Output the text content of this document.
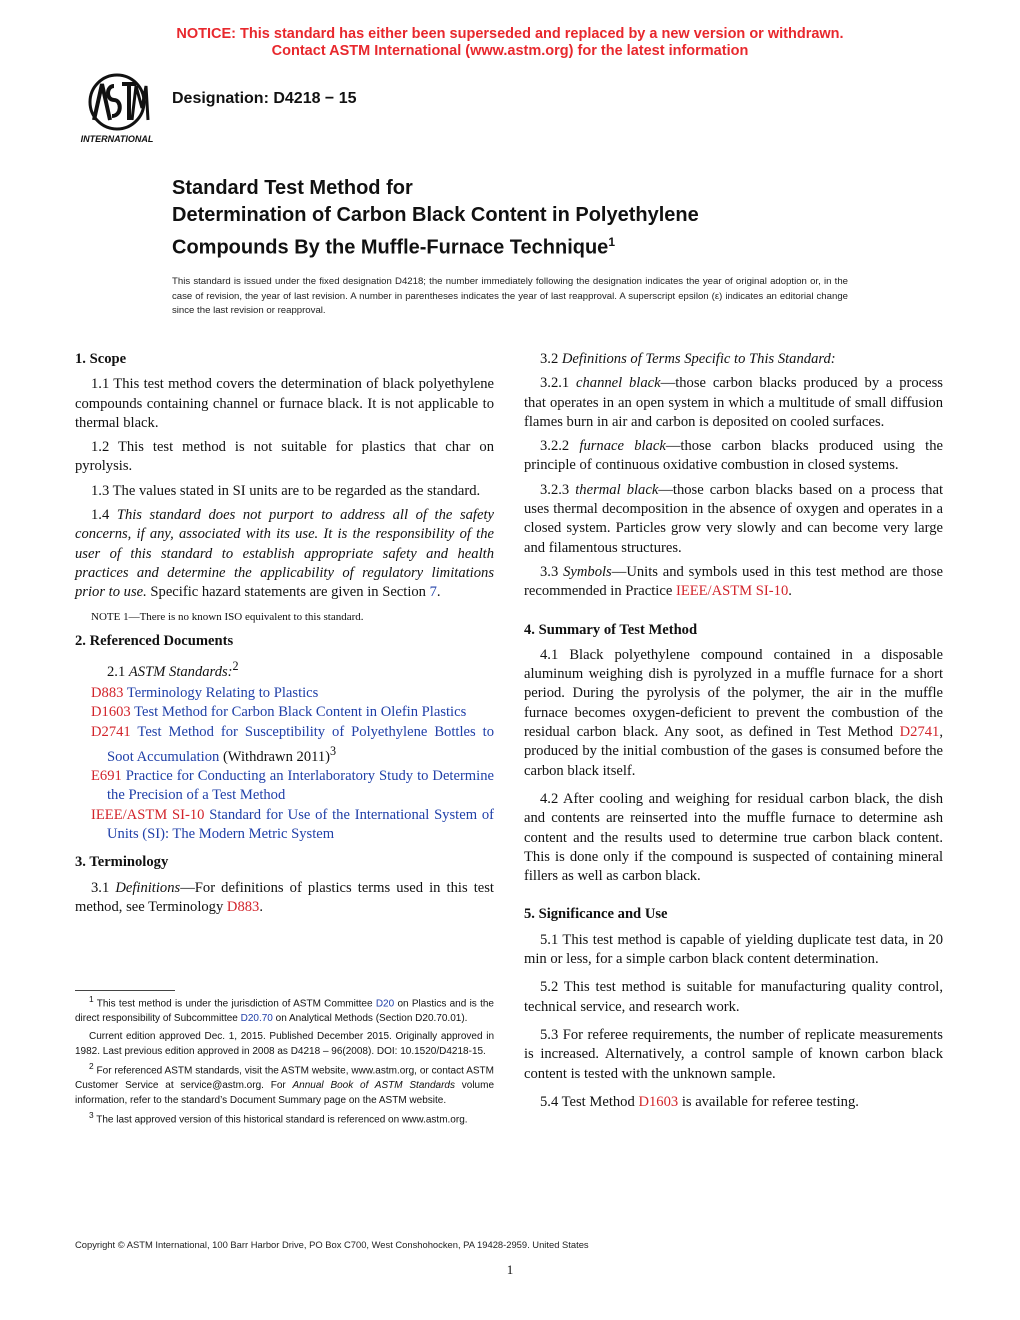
NOTICE: This standard has either been superseded and replaced by a new version or withdrawn.
Contact ASTM International (www.astm.org) for the latest information
INTERNATIONAL
Designation: D4218 − 15
Standard Test Method for
Determination of Carbon Black Content in Polyethylene
Compounds By the Muffle-Furnace Technique$^1$
This standard is issued under the fixed designation D4218; the number immediately following the designation indicates the year of original adoption or, in the case of revision, the year of last revision. A number in parentheses indicates the year of last reapproval. A superscript epsilon (ε) indicates an editorial change since the last revision or reapproval.
1. Scope

1.1 This test method covers the determination of black polyethylene compounds containing channel or furnace black. It is not applicable to thermal black.

1.2 This test method is not suitable for plastics that char on pyrolysis.

1.3 The values stated in SI units are to be regarded as the standard.

1.4 This standard does not purport to address all of the safety concerns, if any, associated with its use. It is the responsibility of the user of this standard to establish appropriate safety and health practices and determine the applicability of regulatory limitations prior to use. Specific hazard statements are given in Section 7.

NOTE 1—There is no known ISO equivalent to this standard.
2. Referenced Documents

2.1 ASTM Standards:$^2$

D883 Terminology Relating to Plastics

D1603 Test Method for Carbon Black Content in Olefin Plastics

D2741 Test Method for Susceptibility of Polyethylene Bottles to Soot Accumulation (Withdrawn 2011)$^3$

E691 Practice for Conducting an Interlaboratory Study to Determine the Precision of a Test Method

IEEE/ASTM SI-10 Standard for Use of the International System of Units (SI): The Modern Metric System

3. Terminology

3.1 Definitions—For definitions of plastics terms used in this test method, see Terminology D883.

$^1$ This test method is under the jurisdiction of ASTM Committee D20 on Plastics and is the direct responsibility of Subcommittee D20.70 on Analytical Methods (Section D20.70.01).

Current edition approved Dec. 1, 2015. Published December 2015. Originally approved in 1982. Last previous edition approved in 2008 as D4218 – 96(2008). DOI: 10.1520/D4218-15.

$^2$ For referenced ASTM standards, visit the ASTM website, www.astm.org, or contact ASTM Customer Service at service@astm.org. For Annual Book of ASTM Standards volume information, refer to the standard’s Document Summary page on the ASTM website.

$^3$ The last approved version of this historical standard is referenced on www.astm.org.

3.2 Definitions of Terms Specific to This Standard:

3.2.1 channel black—those carbon blacks produced by a process that operates in an open system in which a multitude of small diffusion flames burn in air and carbon is deposited on cooled surfaces.

3.2.2 furnace black—those carbon blacks produced using the principle of continuous oxidative combustion in closed systems.

3.2.3 thermal black—those carbon blacks based on a process that uses thermal decomposition in the absence of oxygen and operates in a closed system. Particles grow very slowly and can become very large and filamentous structures.

3.3 Symbols—Units and symbols used in this test method are those recommended in Practice IEEE/ASTM SI-10.

4. Summary of Test Method

4.1 Black polyethylene compound contained in a disposable aluminum weighing dish is pyrolyzed in a muffle furnace for a short period. During the pyrolysis of the polymer, the air in the muffle furnace becomes oxygen-deficient to prevent the combustion of the residual carbon black. Any soot, as defined in Test Method D2741, produced by the initial combustion of the gases is consumed before the carbon black itself.

4.2 After cooling and weighing for residual carbon black, the dish and contents are reinserted into the muffle furnace to determine ash content and the results used to determine true carbon black content. This is done only if the compound is suspected of containing mineral fillers as well as carbon black.

5. Significance and Use

5.1 This test method is capable of yielding duplicate test data, in 20 min or less, for a simple carbon black content determination.

5.2 This test method is suitable for manufacturing quality control, technical service, and research work.

5.3 For referee requirements, the number of replicate measurements is increased. Alternatively, a control sample of known carbon black content is tested with the unknown sample.

5.4 Test Method D1603 is available for referee testing.

Copyright © ASTM International, 100 Barr Harbor Drive, PO Box C700, West Conshohocken, PA 19428-2959. United States
1
